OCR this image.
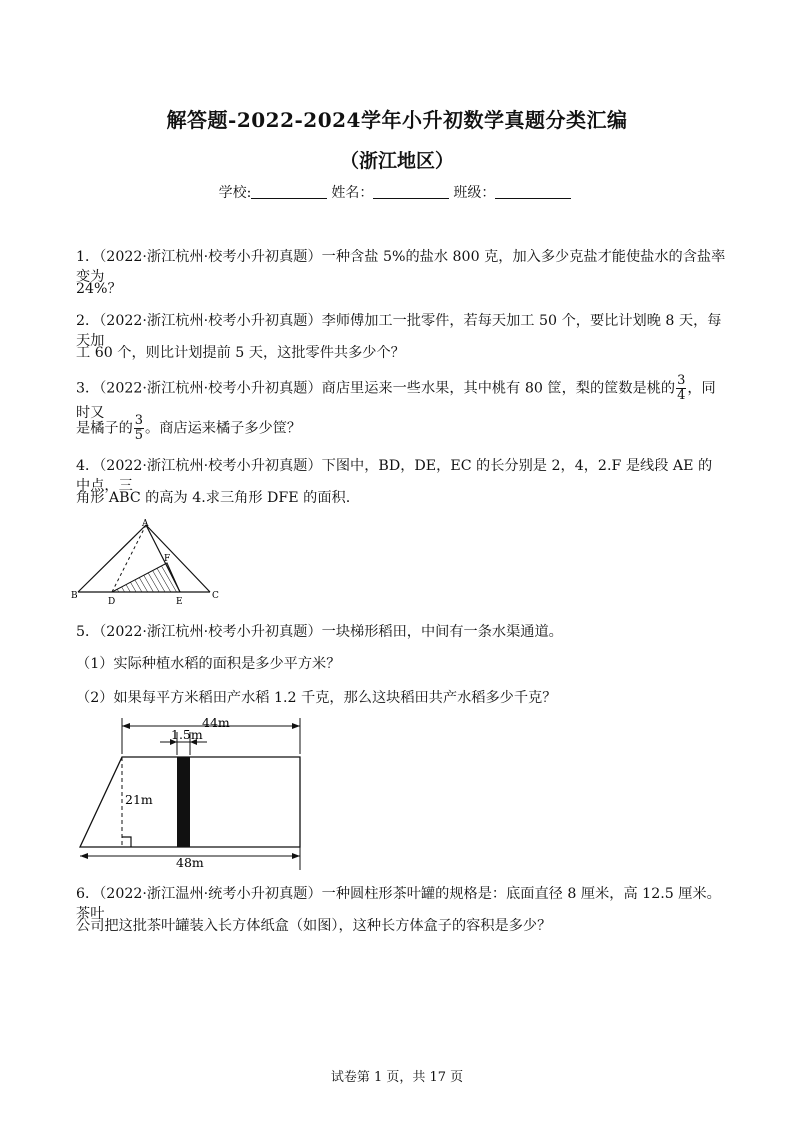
解答题-2022-2024学年小升初数学真题分类汇编
（浙江地区）
学校:	姓名：	班级：
1．（2022·浙江杭州·校考小升初真题）一种含盐 5%的盐水 800 克，加入多少克盐才能使盐水的含盐率变为
24%？
2．（2022·浙江杭州·校考小升初真题）李师傅加工一批零件，若每天加工 50 个，要比计划晚 8 天，每天加
工 60 个，则比计划提前 5 天，这批零件共多少个？
3．（2022·浙江杭州·校考小升初真题）商店里运来一些水果，其中桃有 80 筐，梨的筐数是桃的 $\frac{3}{4}$ ，同时又
是橘子的 $\frac{3}{5}$ 。商店运来橘子多少筐？
4．（2022·浙江杭州·校考小升初真题）下图中，BD，DE，EC 的长分别是 2，4，2.F 是线段 AE 的中点，三
角形 ABC 的高为 4.求三角形 DFE 的面积.
A
B	C
D	E
F
5．（2022·浙江杭州·校考小升初真题）一块梯形稻田，中间有一条水渠通道。
（1）实际种植水稻的面积是多少平方米？
（2）如果每平方米稻田产水稻 1.2 千克，那么这块稻田共产水稻多少千克？
44m
1.5m
21m
48m
6．（2022·浙江温州·统考小升初真题）一种圆柱形茶叶罐的规格是：底面直径 8 厘米，高 12.5 厘米。茶叶
公司把这批茶叶罐装入长方体纸盒（如图），这种长方体盒子的容积是多少？
试卷第 1 页，共 17 页
